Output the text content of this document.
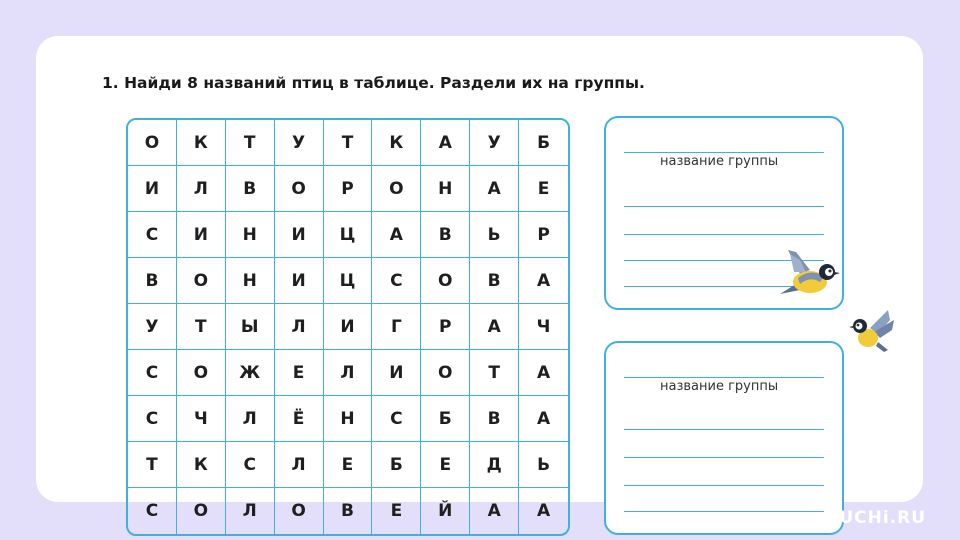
1. Найди 8 названий птиц в таблице. Раздели их на группы.
О	К	Т	У	Т	К	А	У	Б
И	Л	В	О	Р	О	Н	А	Е
С	И	Н	И	Ц	А	В	Ь	Р
В	О	Н	И	Ц	С	О	В	А
У	Т	Ы	Л	И	Г	Р	А	Ч
С	О	Ж	Е	Л	И	О	Т	А
С	Ч	Л	Ё	Н	С	Б	В	А
Т	К	С	Л	Е	Б	Е	Д	Ь
С	О	Л	О	В	Е	Й	А	А
название группы
название группы
UCHi.RU
